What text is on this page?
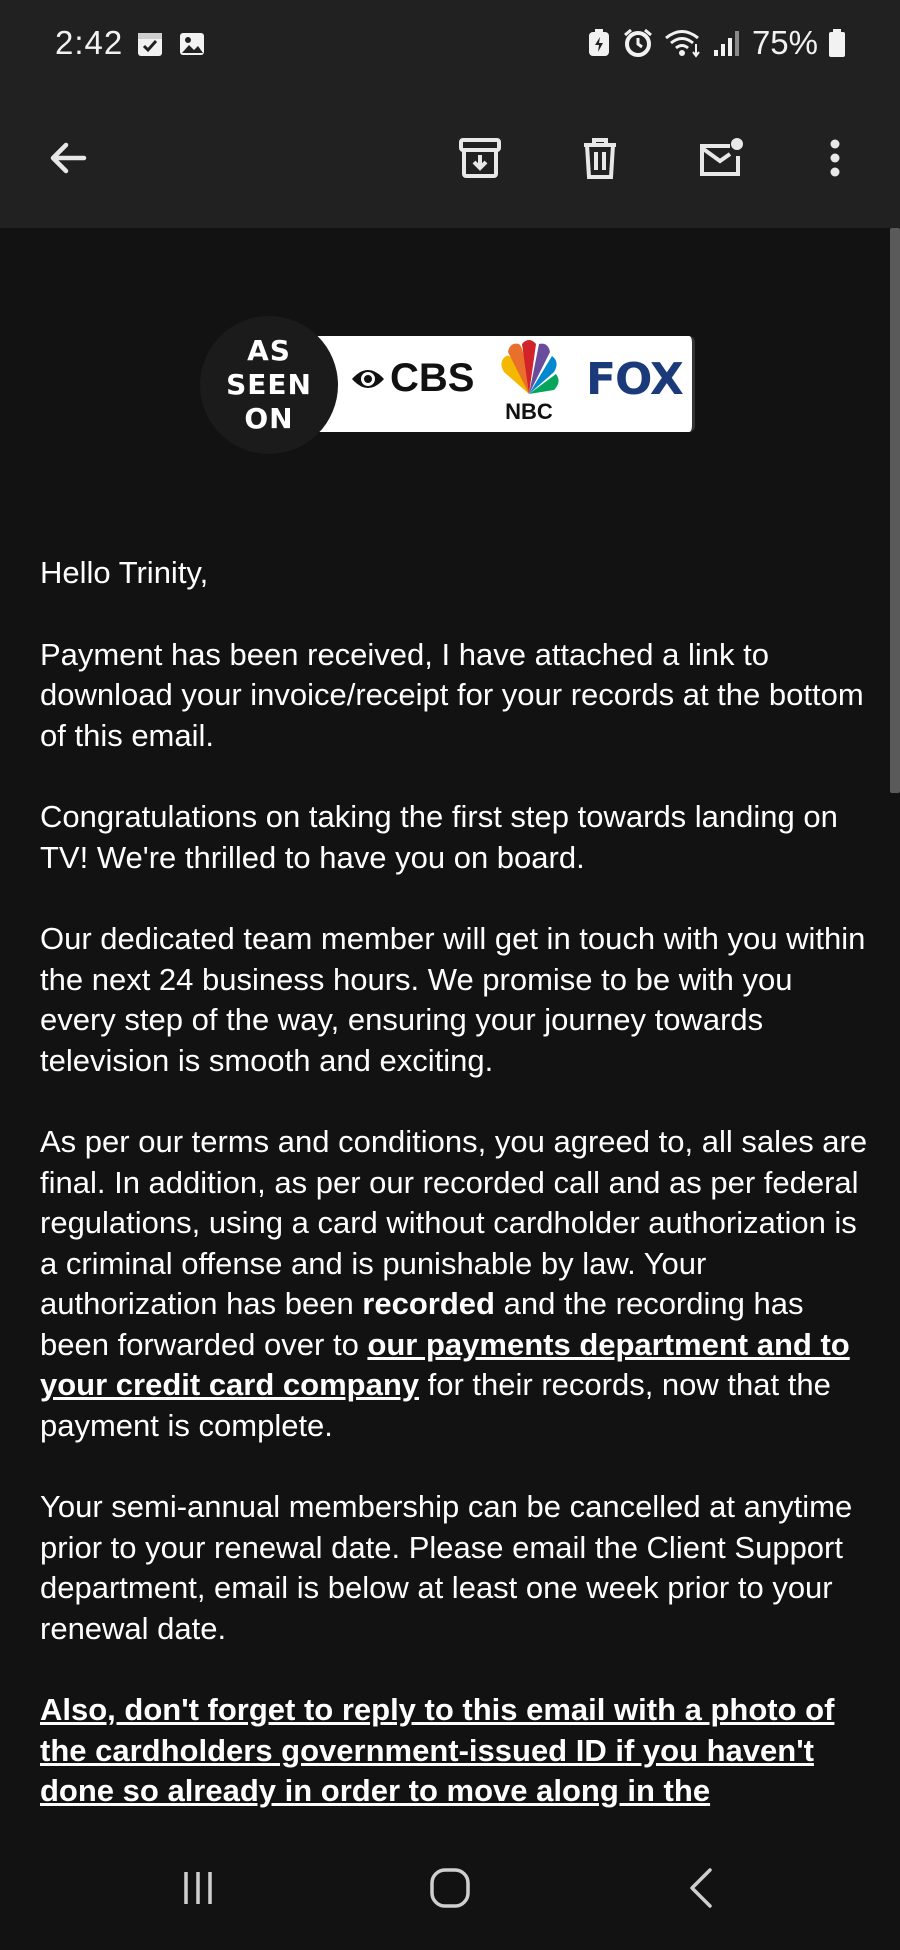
2:42	75%
AS
SEEN
ON
CBS
NBC
FOX

Hello Trinity,

Payment has been received, I have attached a link to download your invoice/receipt for your records at the bottom of this email.

Congratulations on taking the first step towards landing on TV! We're thrilled to have you on board.

Our dedicated team member will get in touch with you within the next 24 business hours. We promise to be with you every step of the way, ensuring your journey towards television is smooth and exciting.

As per our terms and conditions, you agreed to, all sales are final. In addition, as per our recorded call and as per federal regulations, using a card without cardholder authorization is a criminal offense and is punishable by law. Your authorization has been recorded and the recording has been forwarded over to our payments department and to your credit card company for their records, now that the payment is complete.

Your semi-annual membership can be cancelled at anytime prior to your renewal date. Please email the Client Support department, email is below at least one week prior to your renewal date.

Also, don't forget to reply to this email with a photo of the cardholders government-issued ID if you haven't done so already in order to move along in the
